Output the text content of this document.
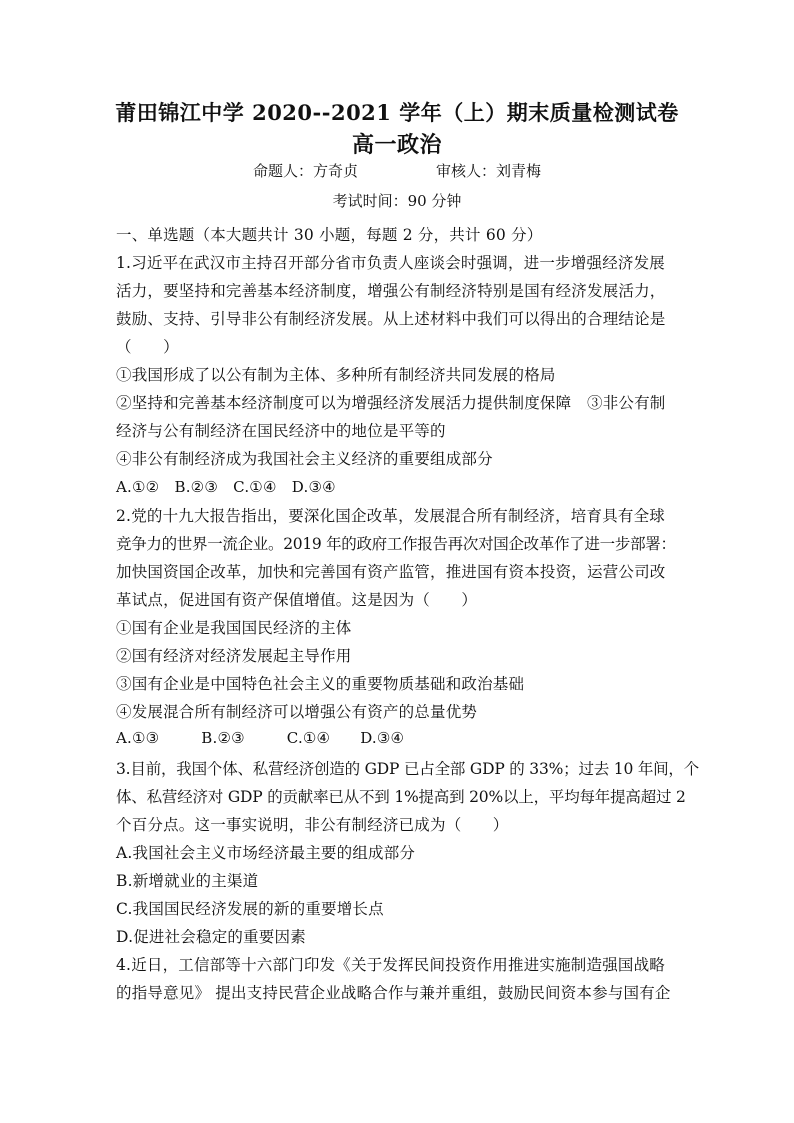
莆田锦江中学 2020--2021 学年（上）期末质量检测试卷
高一政治
命题人：方奇贞	审核人：刘青梅
考试时间：90 分钟
一、单选题（本大题共计 30 小题，每题 2 分，共计 60 分）
1.习近平在武汉市主持召开部分省市负责人座谈会时强调，进一步增强经济发展
活力，要坚持和完善基本经济制度，增强公有制经济特别是国有经济发展活力，
鼓励、支持、引导非公有制经济发展。从上述材料中我们可以得出的合理结论是
（　　）
①我国形成了以公有制为主体、多种所有制经济共同发展的格局
②坚持和完善基本经济制度可以为增强经济发展活力提供制度保障　③非公有制
经济与公有制经济在国民经济中的地位是平等的
④非公有制经济成为我国社会主义经济的重要组成部分
A.①②　B.②③　C.①④　D.③④
2.党的十九大报告指出，要深化国企改革，发展混合所有制经济，培育具有全球
竞争力的世界一流企业。2019 年的政府工作报告再次对国企改革作了进一步部署：
加快国资国企改革，加快和完善国有资产监管，推进国有资本投资，运营公司改
革试点，促进国有资产保值增值。这是因为（　　）
①国有企业是我国国民经济的主体
②国有经济对经济发展起主导作用
③国有企业是中国特色社会主义的重要物质基础和政治基础
④发展混合所有制经济可以增强公有资产的总量优势
A.①③	B.②③	C.①④ D.③④
3.目前，我国个体、私营经济创造的 GDP 已占全部 GDP 的 33%；过去 10 年间，个
体、私营经济对 GDP 的贡献率已从不到 1%提高到 20%以上，平均每年提高超过 2
个百分点。这一事实说明，非公有制经济已成为（　　）
A.我国社会主义市场经济最主要的组成部分
B.新增就业的主渠道
C.我国国民经济发展的新的重要增长点
D.促进社会稳定的重要因素
4.近日，工信部等十六部门印发《关于发挥民间投资作用推进实施制造强国战略
的指导意见》 提出支持民营企业战略合作与兼并重组，鼓励民间资本参与国有企
